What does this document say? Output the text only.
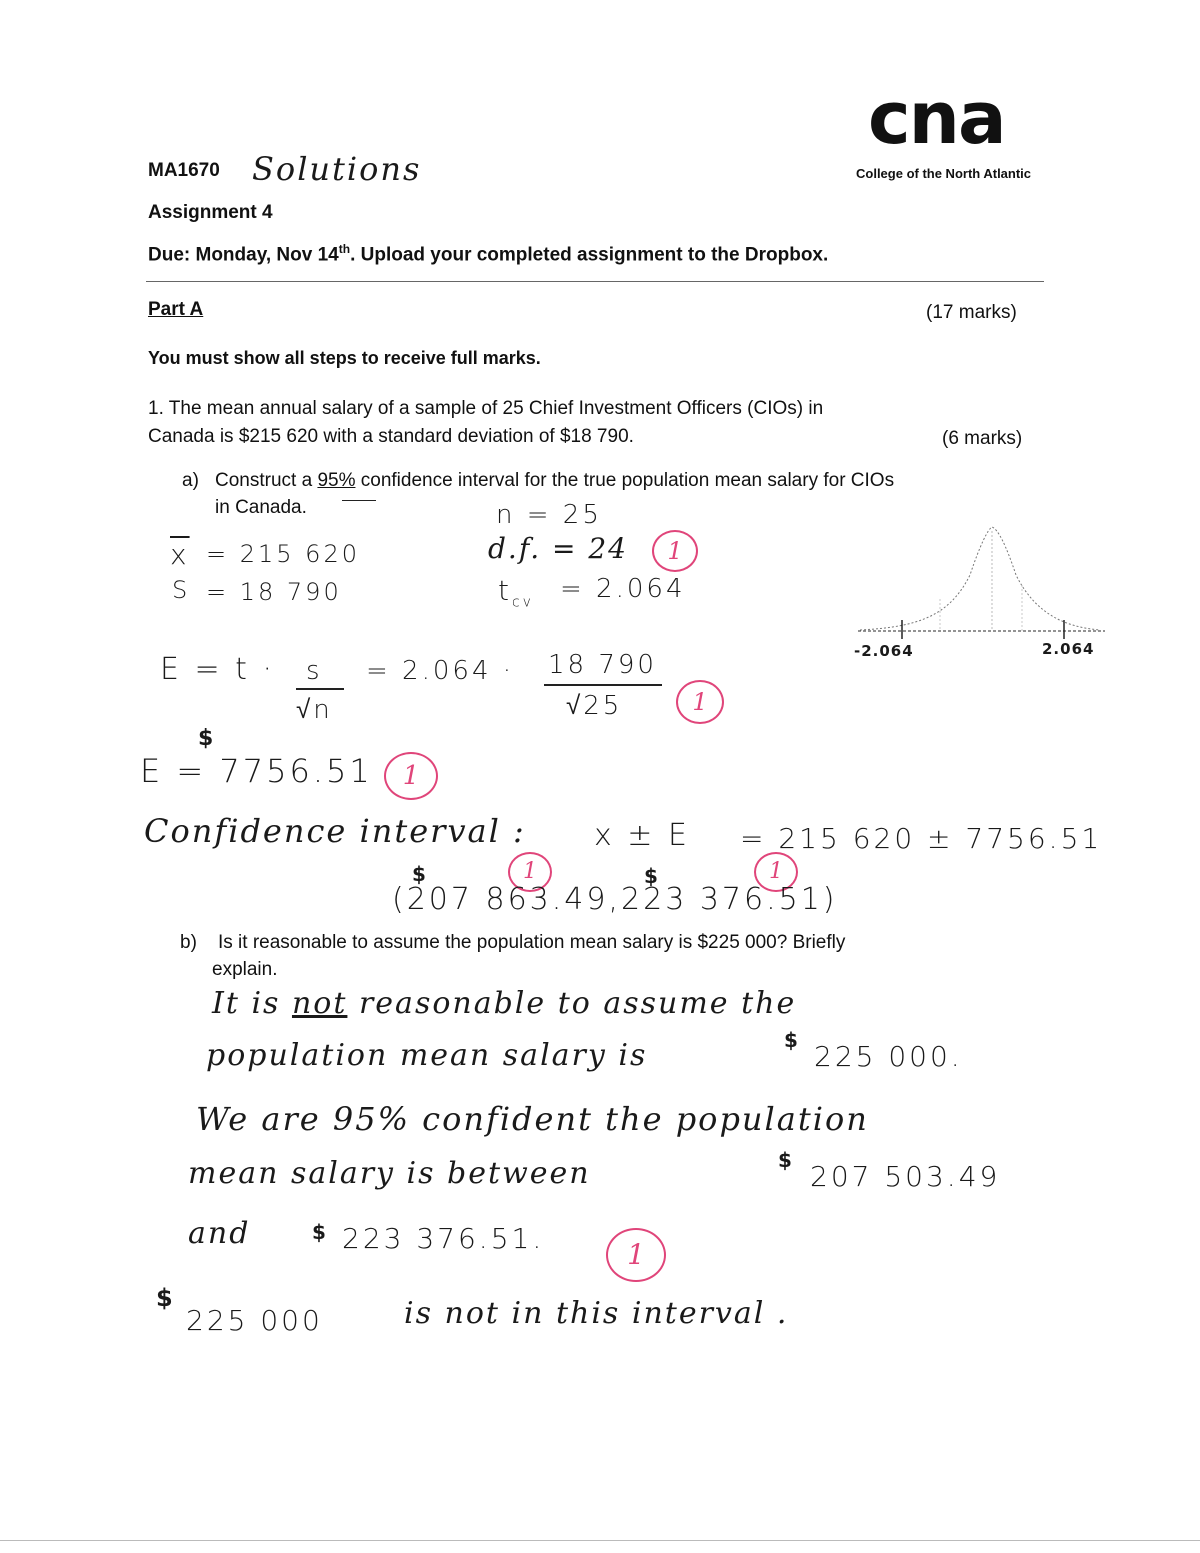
MA1670 Solutions
cna
College of the North Atlantic
Assignment 4
Due: Monday, Nov 14th. Upload your completed assignment to the Dropbox.
Part A	(17 marks)
You must show all steps to receive full marks.
1. The mean annual salary of a sample of 25 Chief Investment Officers (CIOs) in
Canada is $215 620 with a standard deviation of $18 790.	(6 marks)
a) Construct a 95% confidence interval for the true population mean salary for CIOs
in Canada.	n = 25
d.f. = 24	1
$t_{cv} = 2.064$
$\overline{x} = 215$ 620
S = 18 790
-2.064	2.064
E = t · s
√n
= 2.064 · 18 790
√25	1
$
E = 7756.51	1
Confidence interval : x ± E = 215 620 ± 7756.51
1	1
$	$
(207 863.49,223 376.51)
b) Is it reasonable to assume the population mean salary is $225 000? Briefly
explain.
It is not reasonable to assume the
population mean salary is	$ 225 000.
We are 95% confident the population
mean salary is between	$ 207 503.49
and	$ 223 376.51.	1
$
225 000	is not in this interval .
